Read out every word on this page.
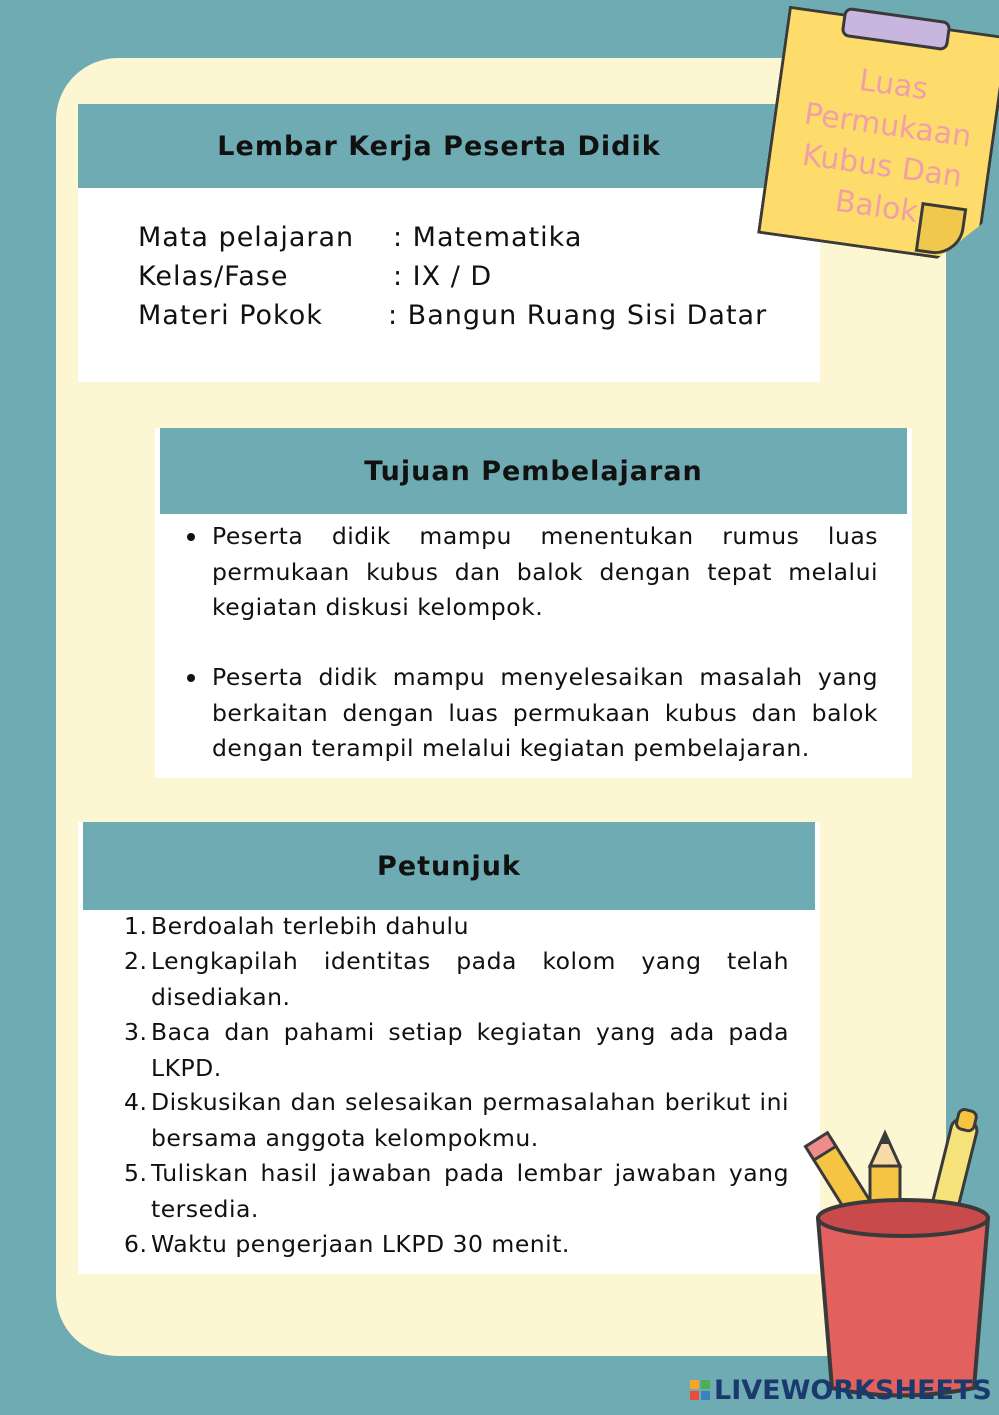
Lembar Kerja Peserta Didik
Mata pelajaran : Matematika
Kelas/Fase	: IX / D
Materi Pokok : Bangun Ruang Sisi Datar
Luas
Permukaan
Kubus Dan
Balok
Tujuan Pembelajaran
Peserta didik mampu menentukan rumus luas permukaan kubus dan balok dengan tepat melalui kegiatan diskusi kelompok.
Peserta didik mampu menyelesaikan masalah yang berkaitan dengan luas permukaan kubus dan balok dengan terampil melalui kegiatan pembelajaran.
Petunjuk
1. Berdoalah terlebih dahulu
2. Lengkapilah identitas pada kolom yang telah disediakan.
3. Baca dan pahami setiap kegiatan yang ada pada LKPD.
4. Diskusikan dan selesaikan permasalahan berikut ini bersama anggota kelompokmu.
5. Tuliskan hasil jawaban pada lembar jawaban yang tersedia.
6. Waktu pengerjaan LKPD 30 menit.
LIVEWORKSHEETS
